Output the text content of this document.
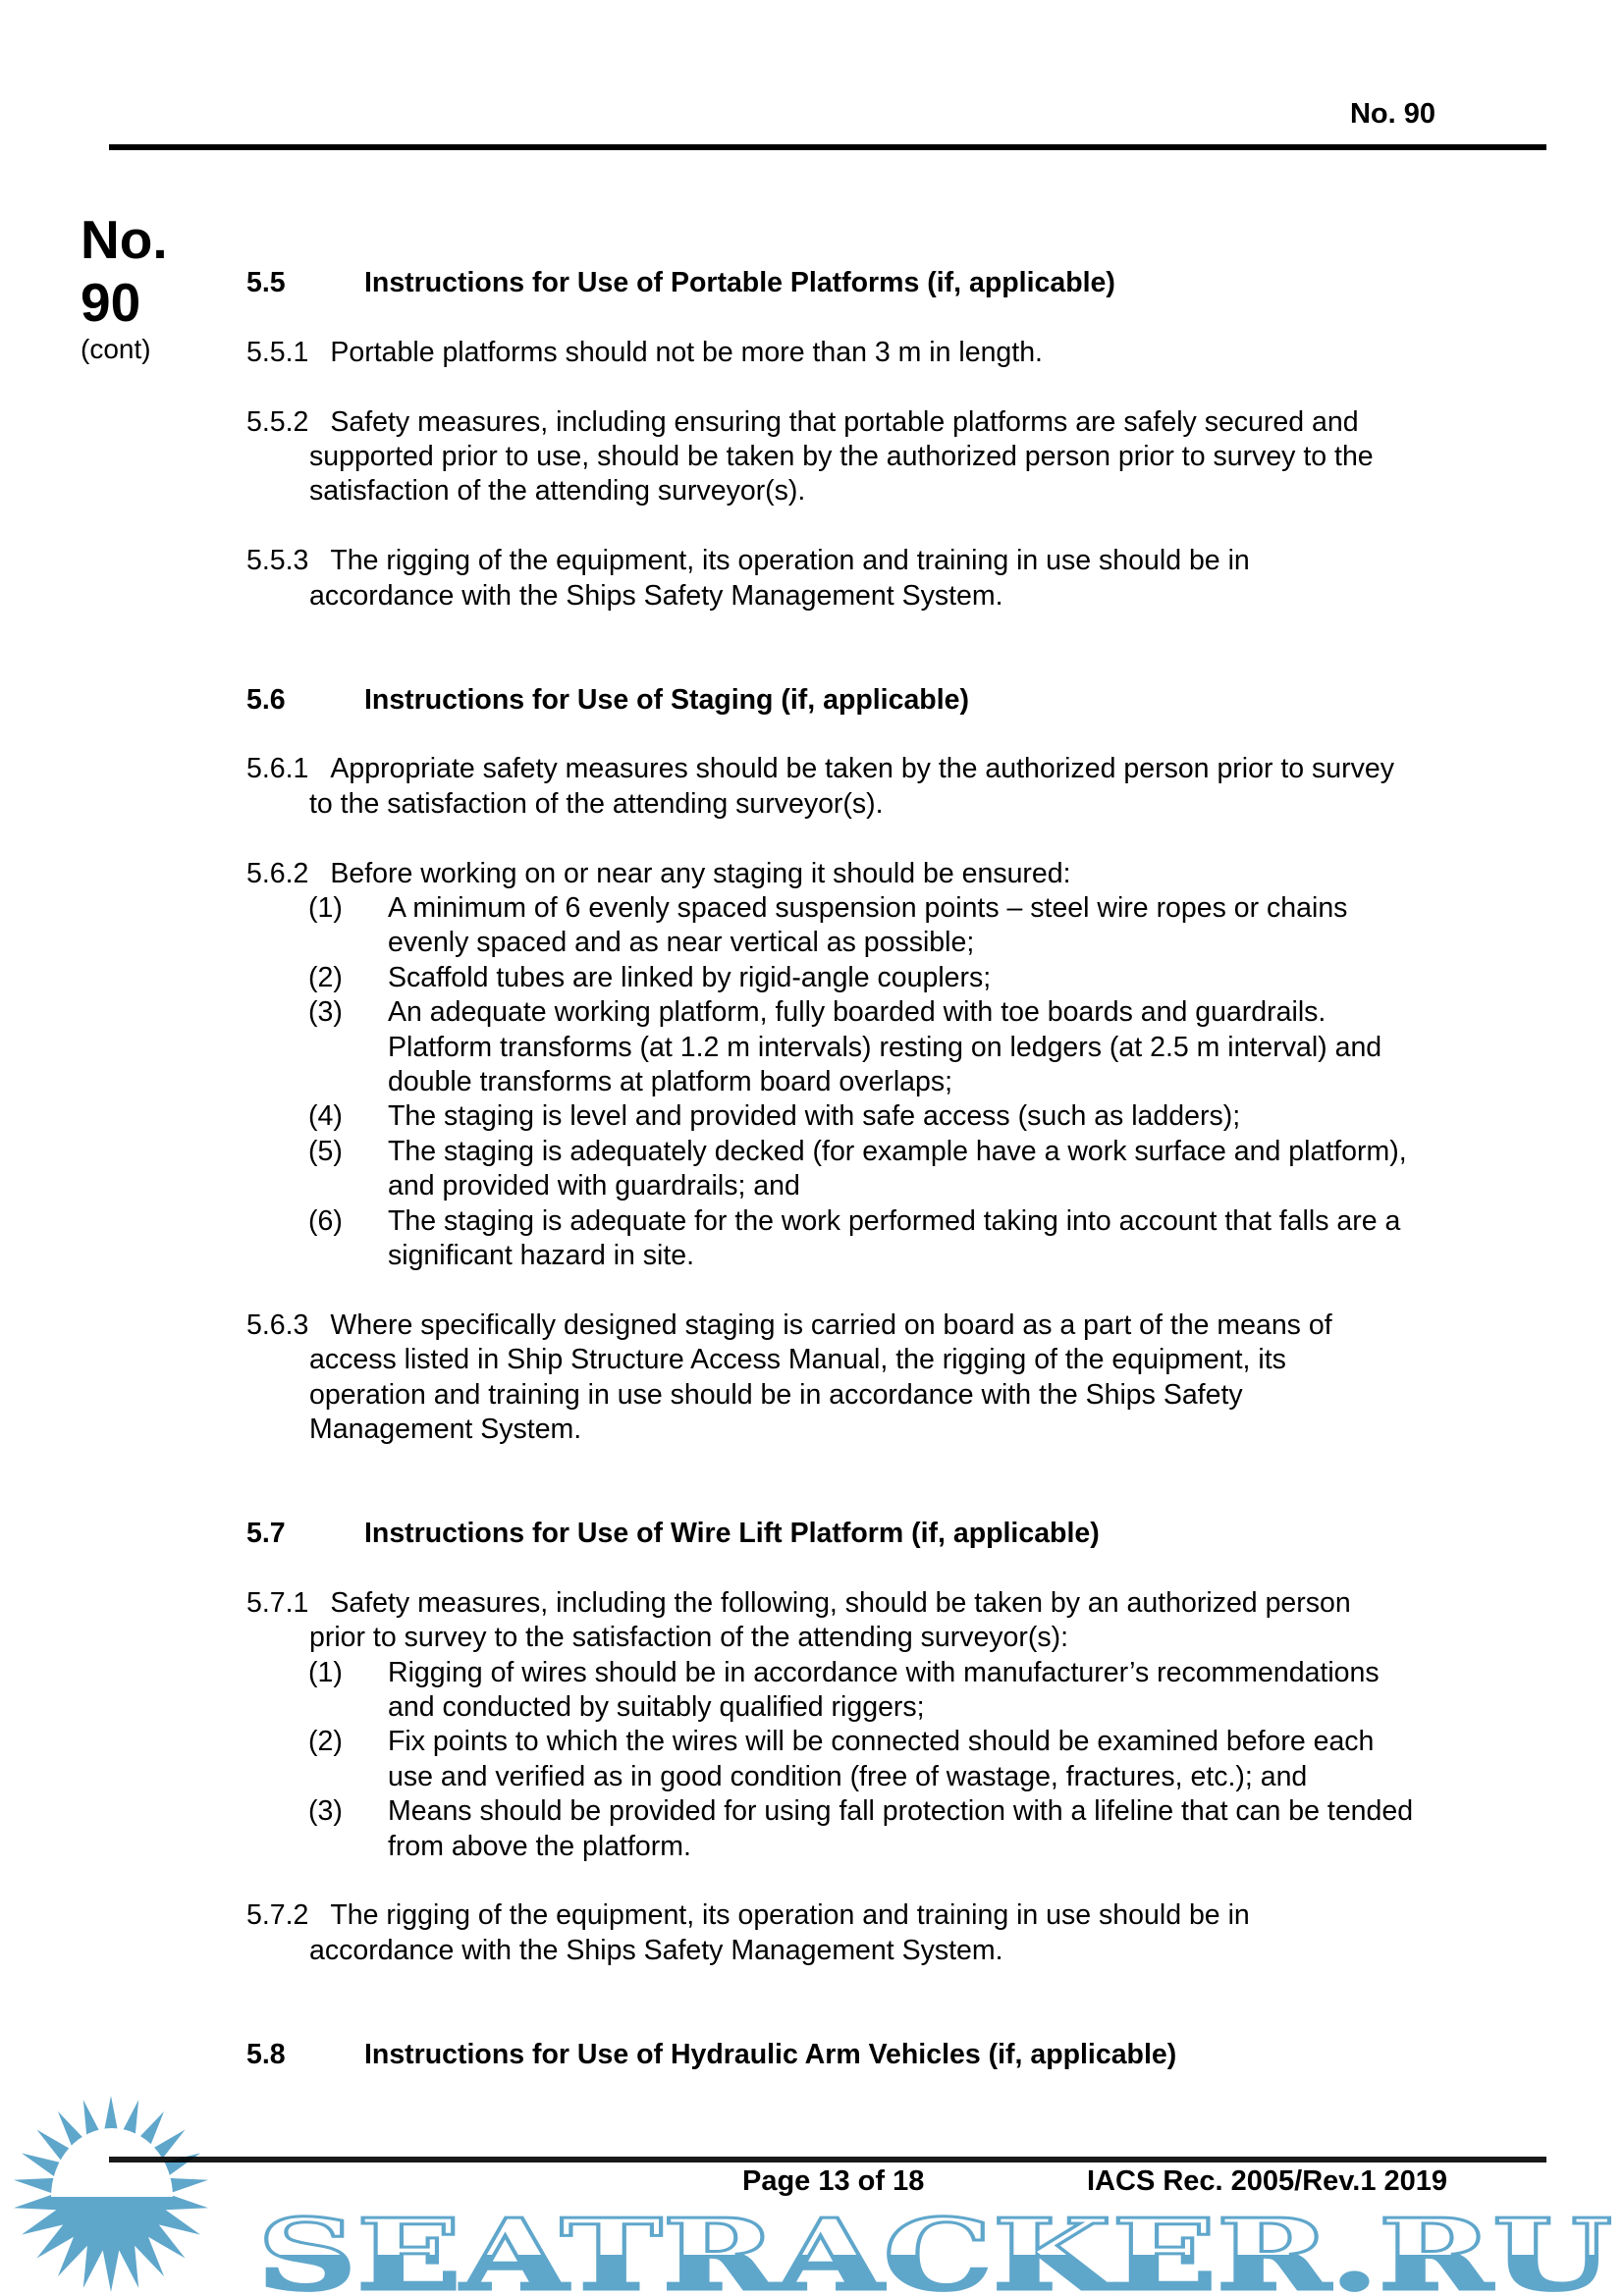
No. 90
No.
90
(cont)
5.5	Instructions for Use of Portable Platforms (if, applicable)
5.5.1 Portable platforms should not be more than 3 m in length.
5.5.2 Safety measures, including ensuring that portable platforms are safely secured and
supported prior to use, should be taken by the authorized person prior to survey to the
satisfaction of the attending surveyor(s).
5.5.3 The rigging of the equipment, its operation and training in use should be in
accordance with the Ships Safety Management System.
5.6	Instructions for Use of Staging (if, applicable)
5.6.1 Appropriate safety measures should be taken by the authorized person prior to survey
to the satisfaction of the attending surveyor(s).
5.6.2 Before working on or near any staging it should be ensured:
(1) A minimum of 6 evenly spaced suspension points – steel wire ropes or chains
evenly spaced and as near vertical as possible;
(2) Scaffold tubes are linked by rigid-angle couplers;
(3) An adequate working platform, fully boarded with toe boards and guardrails.
Platform transforms (at 1.2 m intervals) resting on ledgers (at 2.5 m interval) and
double transforms at platform board overlaps;
(4) The staging is level and provided with safe access (such as ladders);
(5) The staging is adequately decked (for example have a work surface and platform),
and provided with guardrails; and
(6) The staging is adequate for the work performed taking into account that falls are a
significant hazard in site.
5.6.3 Where specifically designed staging is carried on board as a part of the means of
access listed in Ship Structure Access Manual, the rigging of the equipment, its
operation and training in use should be in accordance with the Ships Safety
Management System.
5.7	Instructions for Use of Wire Lift Platform (if, applicable)
5.7.1 Safety measures, including the following, should be taken by an authorized person
prior to survey to the satisfaction of the attending surveyor(s):
(1) Rigging of wires should be in accordance with manufacturer’s recommendations
and conducted by suitably qualified riggers;
(2) Fix points to which the wires will be connected should be examined before each
use and verified as in good condition (free of wastage, fractures, etc.); and
(3) Means should be provided for using fall protection with a lifeline that can be tended
from above the platform.
5.7.2 The rigging of the equipment, its operation and training in use should be in
accordance with the Ships Safety Management System.
5.8	Instructions for Use of Hydraulic Arm Vehicles (if, applicable)
SEATRACKER.RU
Page 13 of 18	IACS Rec. 2005/Rev.1 2019
